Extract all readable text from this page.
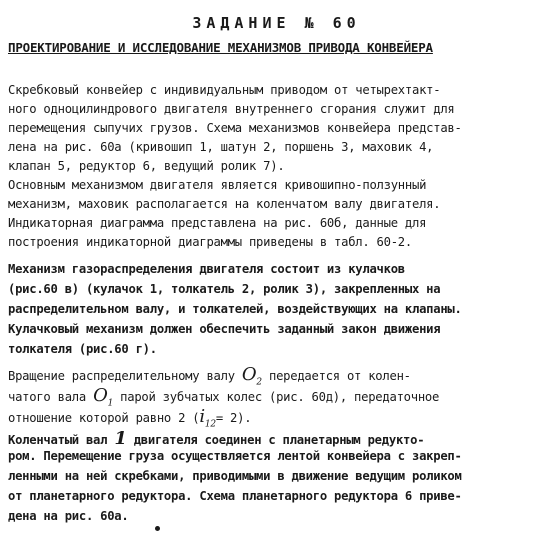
ЗАДАНИЕ № 60
ПРОЕКТИРОВАНИЕ И ИССЛЕДОВАНИЕ МЕХАНИЗМОВ ПРИВОДА КОНВЕЙЕРА
Скребковый конвейер с индивидуальным приводом от четырехтакт-
ного одноцилиндрового двигателя внутреннего сгорания служит для
перемещения сыпучих грузов. Схема механизмов конвейера представ-
лена на рис. 60а (кривошип 1, шатун 2, поршень 3, маховик 4,
клапан 5, редуктор 6, ведущий ролик 7).
Основным механизмом двигателя является кривошипно-ползунный
механизм, маховик располагается на коленчатом валу двигателя.
Индикаторная диаграмма представлена на рис. 60б, данные для
построения индикаторной диаграммы приведены в табл. 60-2.
Механизм газораспределения двигателя состоит из кулачков
(рис.60 в) (кулачок 1, толкатель 2, ролик 3), закрепленных на
распределительном валу, и толкателей, воздействующих на клапаны.
Кулачковый механизм должен обеспечить заданный закон движения
толкателя (рис.60 г).
Вращение распределительному валу $O_2$ передается от колен-
чатого вала $O_1$ парой зубчатых колес (рис. 60д), передаточное
отношение которой равно 2 $(i_{12}= 2)$.
Коленчатый вал 1 двигателя соединен с планетарным редукто-
ром. Перемещение груза осуществляется лентой конвейера с закреп-
ленными на ней скребками, приводимыми в движение ведущим роликом
от планетарного редуктора. Схема планетарного редуктора 6 приве-
дена на рис. 60а.
